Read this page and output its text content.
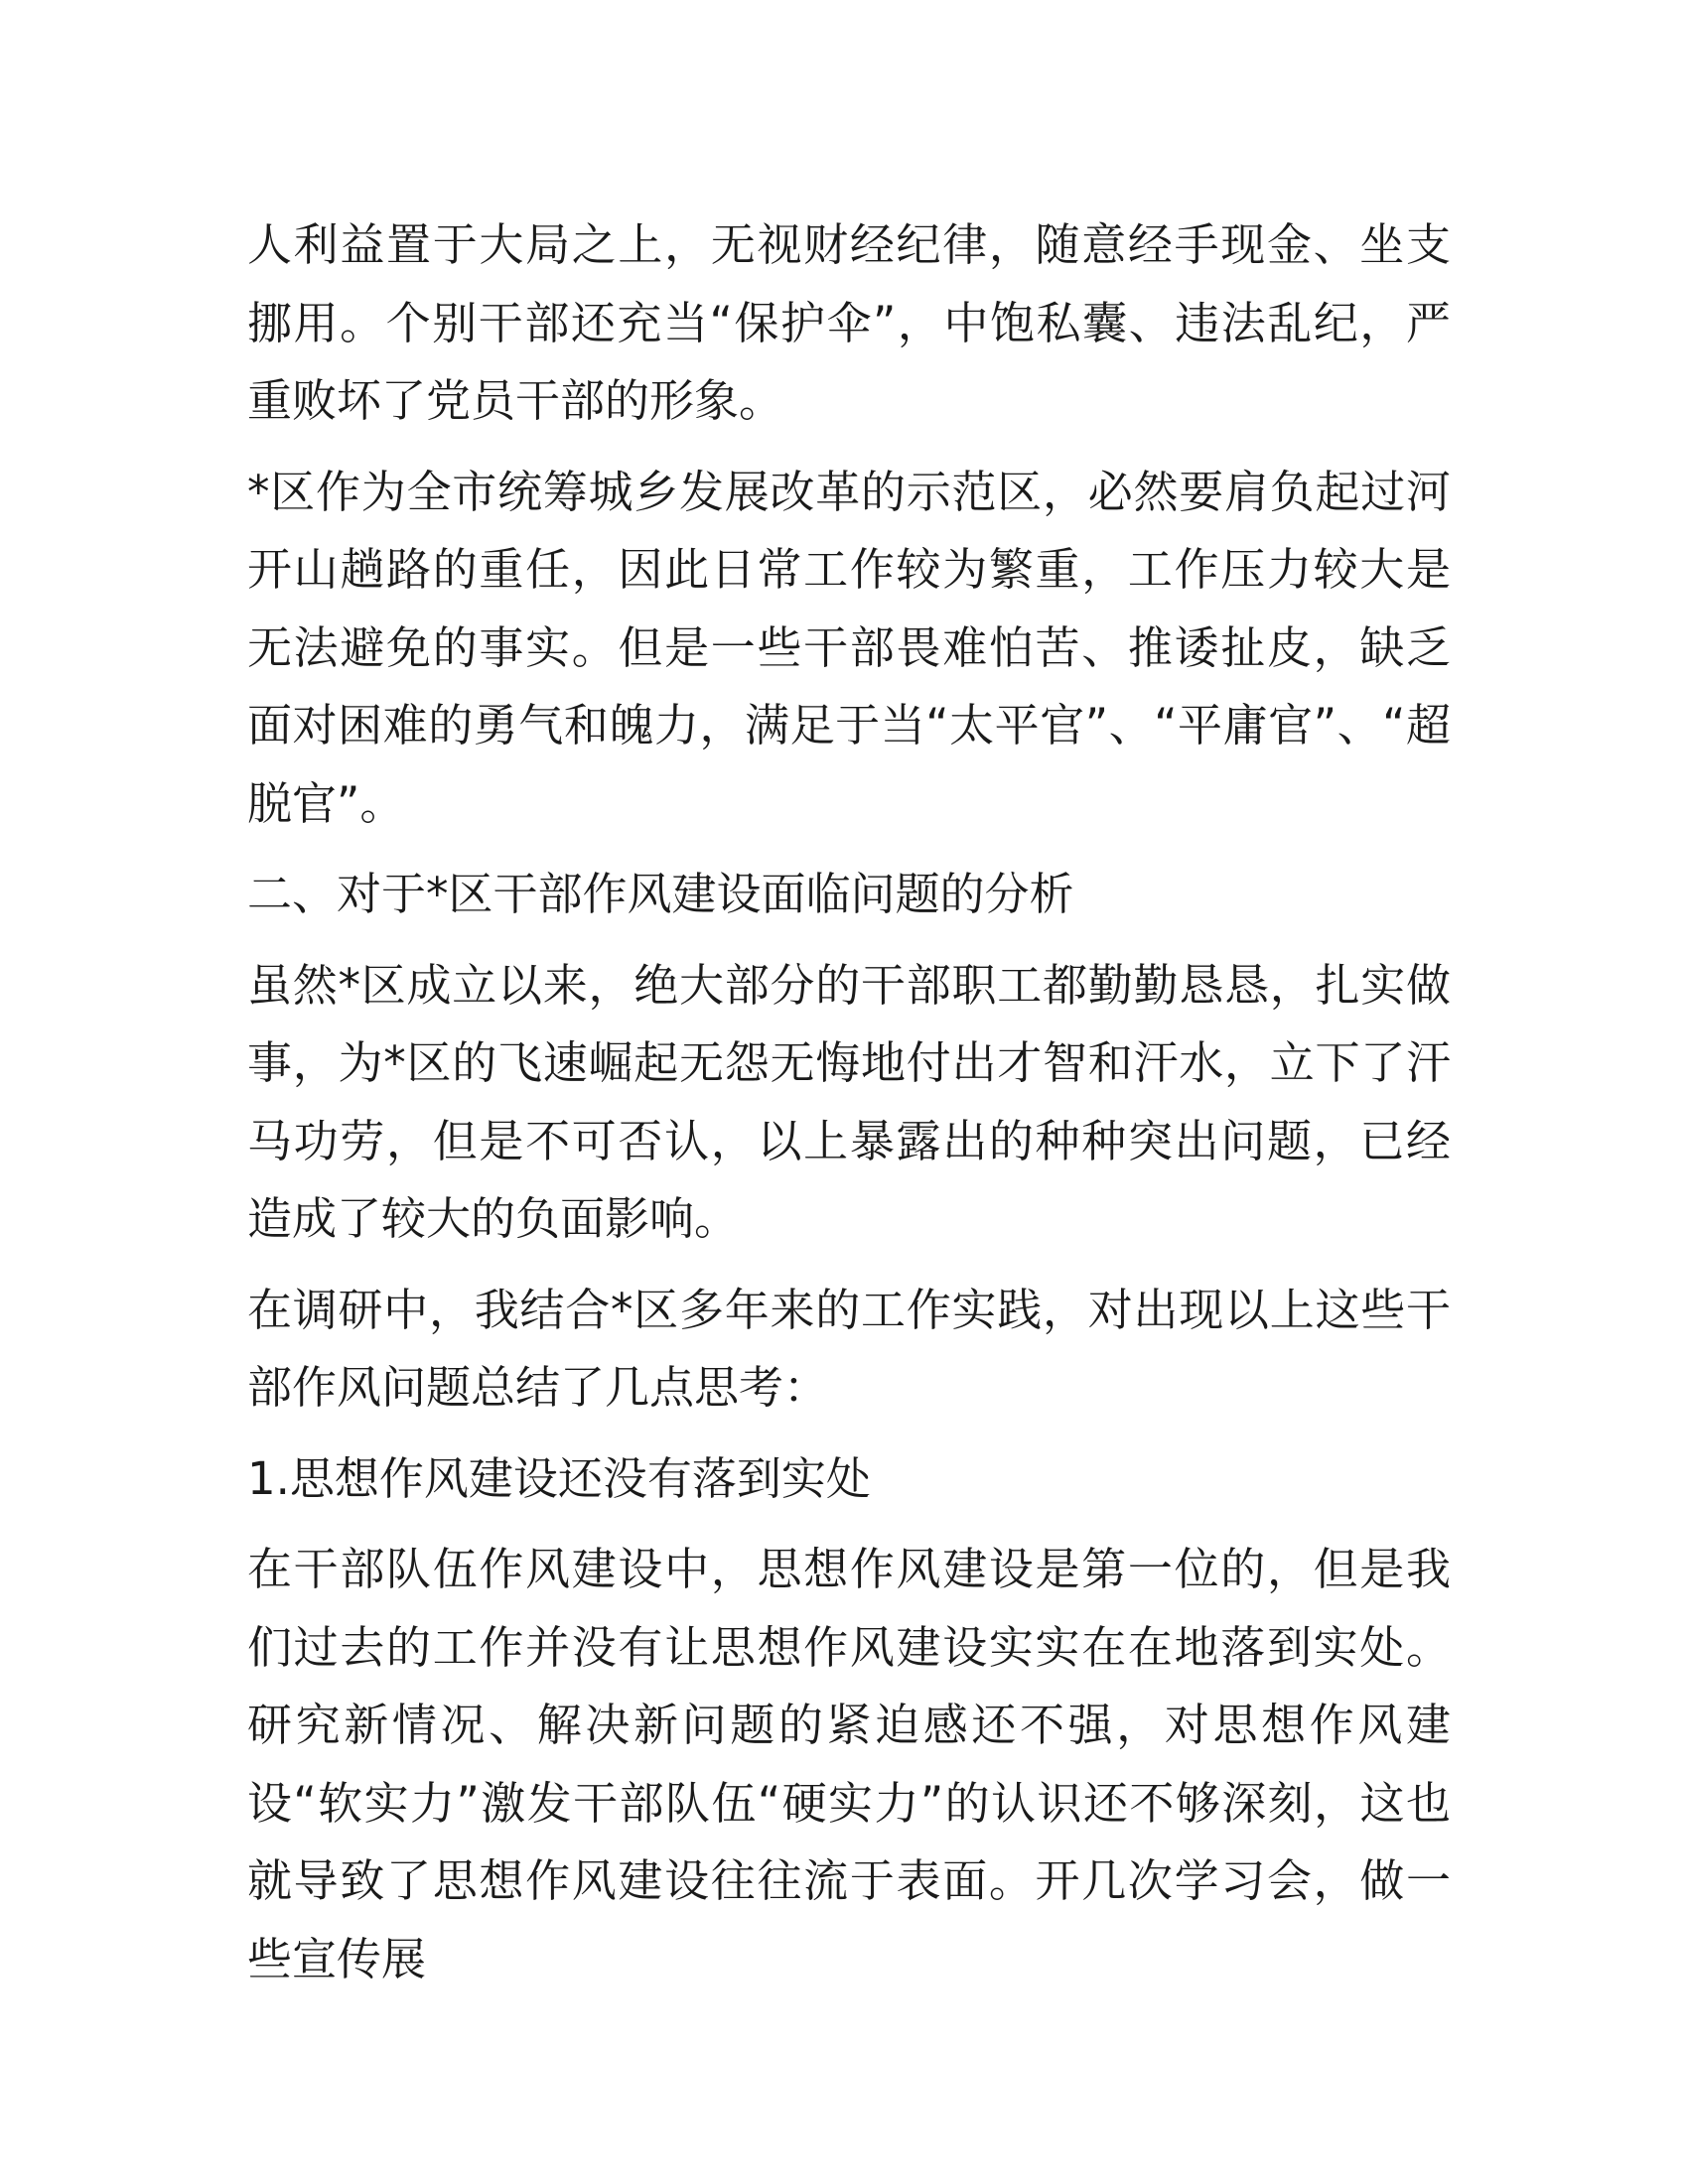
人利益置于大局之上，无视财经纪律，随意经手现金、坐支挪用。个别干部还充当“保护伞”，中饱私囊、违法乱纪，严重败坏了党员干部的形象。

*区作为全市统筹城乡发展改革的示范区，必然要肩负起过河开山趟路的重任，因此日常工作较为繁重，工作压力较大是无法避免的事实。但是一些干部畏难怕苦、推诿扯皮，缺乏面对困难的勇气和魄力，满足于当“太平官”、“平庸官”、“超脱官”。

二、对于*区干部作风建设面临问题的分析

虽然*区成立以来，绝大部分的干部职工都勤勤恳恳，扎实做事，为*区的飞速崛起无怨无悔地付出才智和汗水，立下了汗马功劳，但是不可否认，以上暴露出的种种突出问题，已经造成了较大的负面影响。

在调研中，我结合*区多年来的工作实践，对出现以上这些干部作风问题总结了几点思考：

1.思想作风建设还没有落到实处

在干部队伍作风建设中，思想作风建设是第一位的，但是我们过去的工作并没有让思想作风建设实实在在地落到实处。研究新情况、解决新问题的紧迫感还不强，对思想作风建设“软实力”激发干部队伍“硬实力”的认识还不够深刻，这也就导致了思想作风建设往往流于表面。开几次学习会，做一些宣传展
